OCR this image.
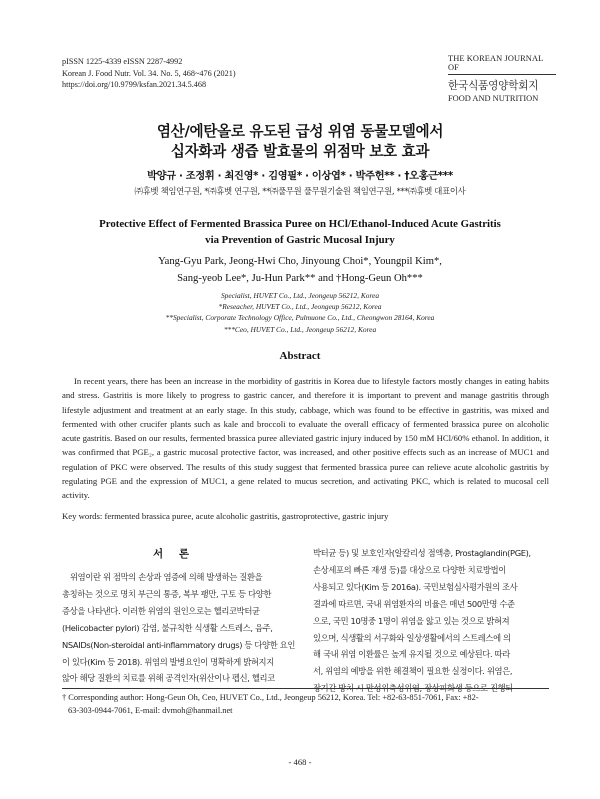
pISSN 1225-4339 eISSN 2287-4992
Korean J. Food Nutr. Vol. 34. No. 5, 468~476 (2021)
https://doi.org/10.9799/ksfan.2021.34.5.468
THE KOREAN JOURNAL OF
한국식품영양학회지
FOOD AND NUTRITION
염산/에탄올로 유도된 급성 위염 동물모델에서
십자화과 생즙 발효물의 위점막 보호 효과
박양규 · 조정휘 · 최진영* · 김영필* · 이상엽* · 박주헌** · †오홍근***
㈜휴벳 책임연구원, *㈜휴벳 연구원, **㈜풀무원 풀무원기술원 책임연구원, ***㈜휴벳 대표이사
Protective Effect of Fermented Brassica Puree on HCl/Ethanol-Induced Acute Gastritis
via Prevention of Gastric Mucosal Injury
Yang-Gyu Park, Jeong-Hwi Cho, Jinyoung Choi*, Youngpil Kim*,
Sang-yeob Lee*, Ju-Hun Park** and †Hong-Geun Oh***
Specialist, HUVET Co., Ltd., Jeongeup 56212, Korea
*Reseacher, HUVET Co., Ltd., Jeongeup 56212, Korea
**Specialist, Corporate Technology Office, Pulmuone Co., Ltd., Cheongwon 28164, Korea
***Ceo, HUVET Co., Ltd., Jeongeup 56212, Korea
Abstract

In recent years, there has been an increase in the morbidity of gastritis in Korea due to lifestyle factors mostly changes in eating habits and stress. Gastritis is more likely to progress to gastric cancer, and therefore it is important to prevent and manage gastritis through lifestyle adjustment and treatment at an early stage. In this study, cabbage, which was found to be effective in gastritis, was mixed and fermented with other crucifer plants such as kale and broccoli to evaluate the overall efficacy of fermented brassica puree on alcoholic acute gastritis. Based on our results, fermented brassica puree alleviated gastric injury induced by 150 mM HCl/60% ethanol. In addition, it was confirmed that PGE₂, a gastric mucosal protective factor, was increased, and other positive effects such as an increase of MUC1 and regulation of PKC were observed. The results of this study suggest that fermented brassica puree can relieve acute alcoholic gastritis by regulating PGE and the expression of MUC1, a gene related to mucus secretion, and activating PKC, which is related to mucosal cell activity.

Key words: fermented brassica puree, acute alcoholic gastritis, gastroprotective, gastric injury
서 론
위염이란 위 점막의 손상과 염증에 의해 발생하는 질환을
총칭하는 것으로 명치 부근의 통증, 복부 팽만, 구토 등 다양한
증상을 나타낸다. 이러한 위염의 원인으로는 헬리코박터균
(Helicobacter pylori) 감염, 불규칙한 식생활 스트레스, 음주,
NSAIDs(Non-steroidal anti-inflammatory drugs) 등 다양한 요인
이 있다(Kim 등 2018). 위염의 발병요인이 명확하게 밝혀지지
않아 해당 질환의 치료를 위해 공격인자(위산이나 펩신, 헬리코
박터균 등) 및 보호인자(알칼리성 점액층, Prostaglandin(PGE),
손상세포의 빠른 재생 등)를 대상으로 다양한 치료방법이
사용되고 있다(Kim 등 2016a). 국민보험심사평가원의 조사
결과에 따르면, 국내 위염환자의 비율은 매년 500만명 수준
으로, 국민 10명중 1명이 위염을 앓고 있는 것으로 밝혀져
있으며, 식생활의 서구화와 일상생활에서의 스트레스에 의
해 국내 위염 이환률은 높게 유지될 것으로 예상된다. 따라
서, 위염의 예방을 위한 해결책이 필요한 실정이다. 위염은,
장기간 방치 시 만성위축성위염, 장상피화생 등으로 진행되
† Corresponding author: Hong-Geun Oh, Ceo, HUVET Co., Ltd., Jeongeup 56212, Korea. Tel: +82-63-851-7061, Fax: +82-
63-303-0944-7061, E-mail: dvmoh@hanmail.net
- 468 -
